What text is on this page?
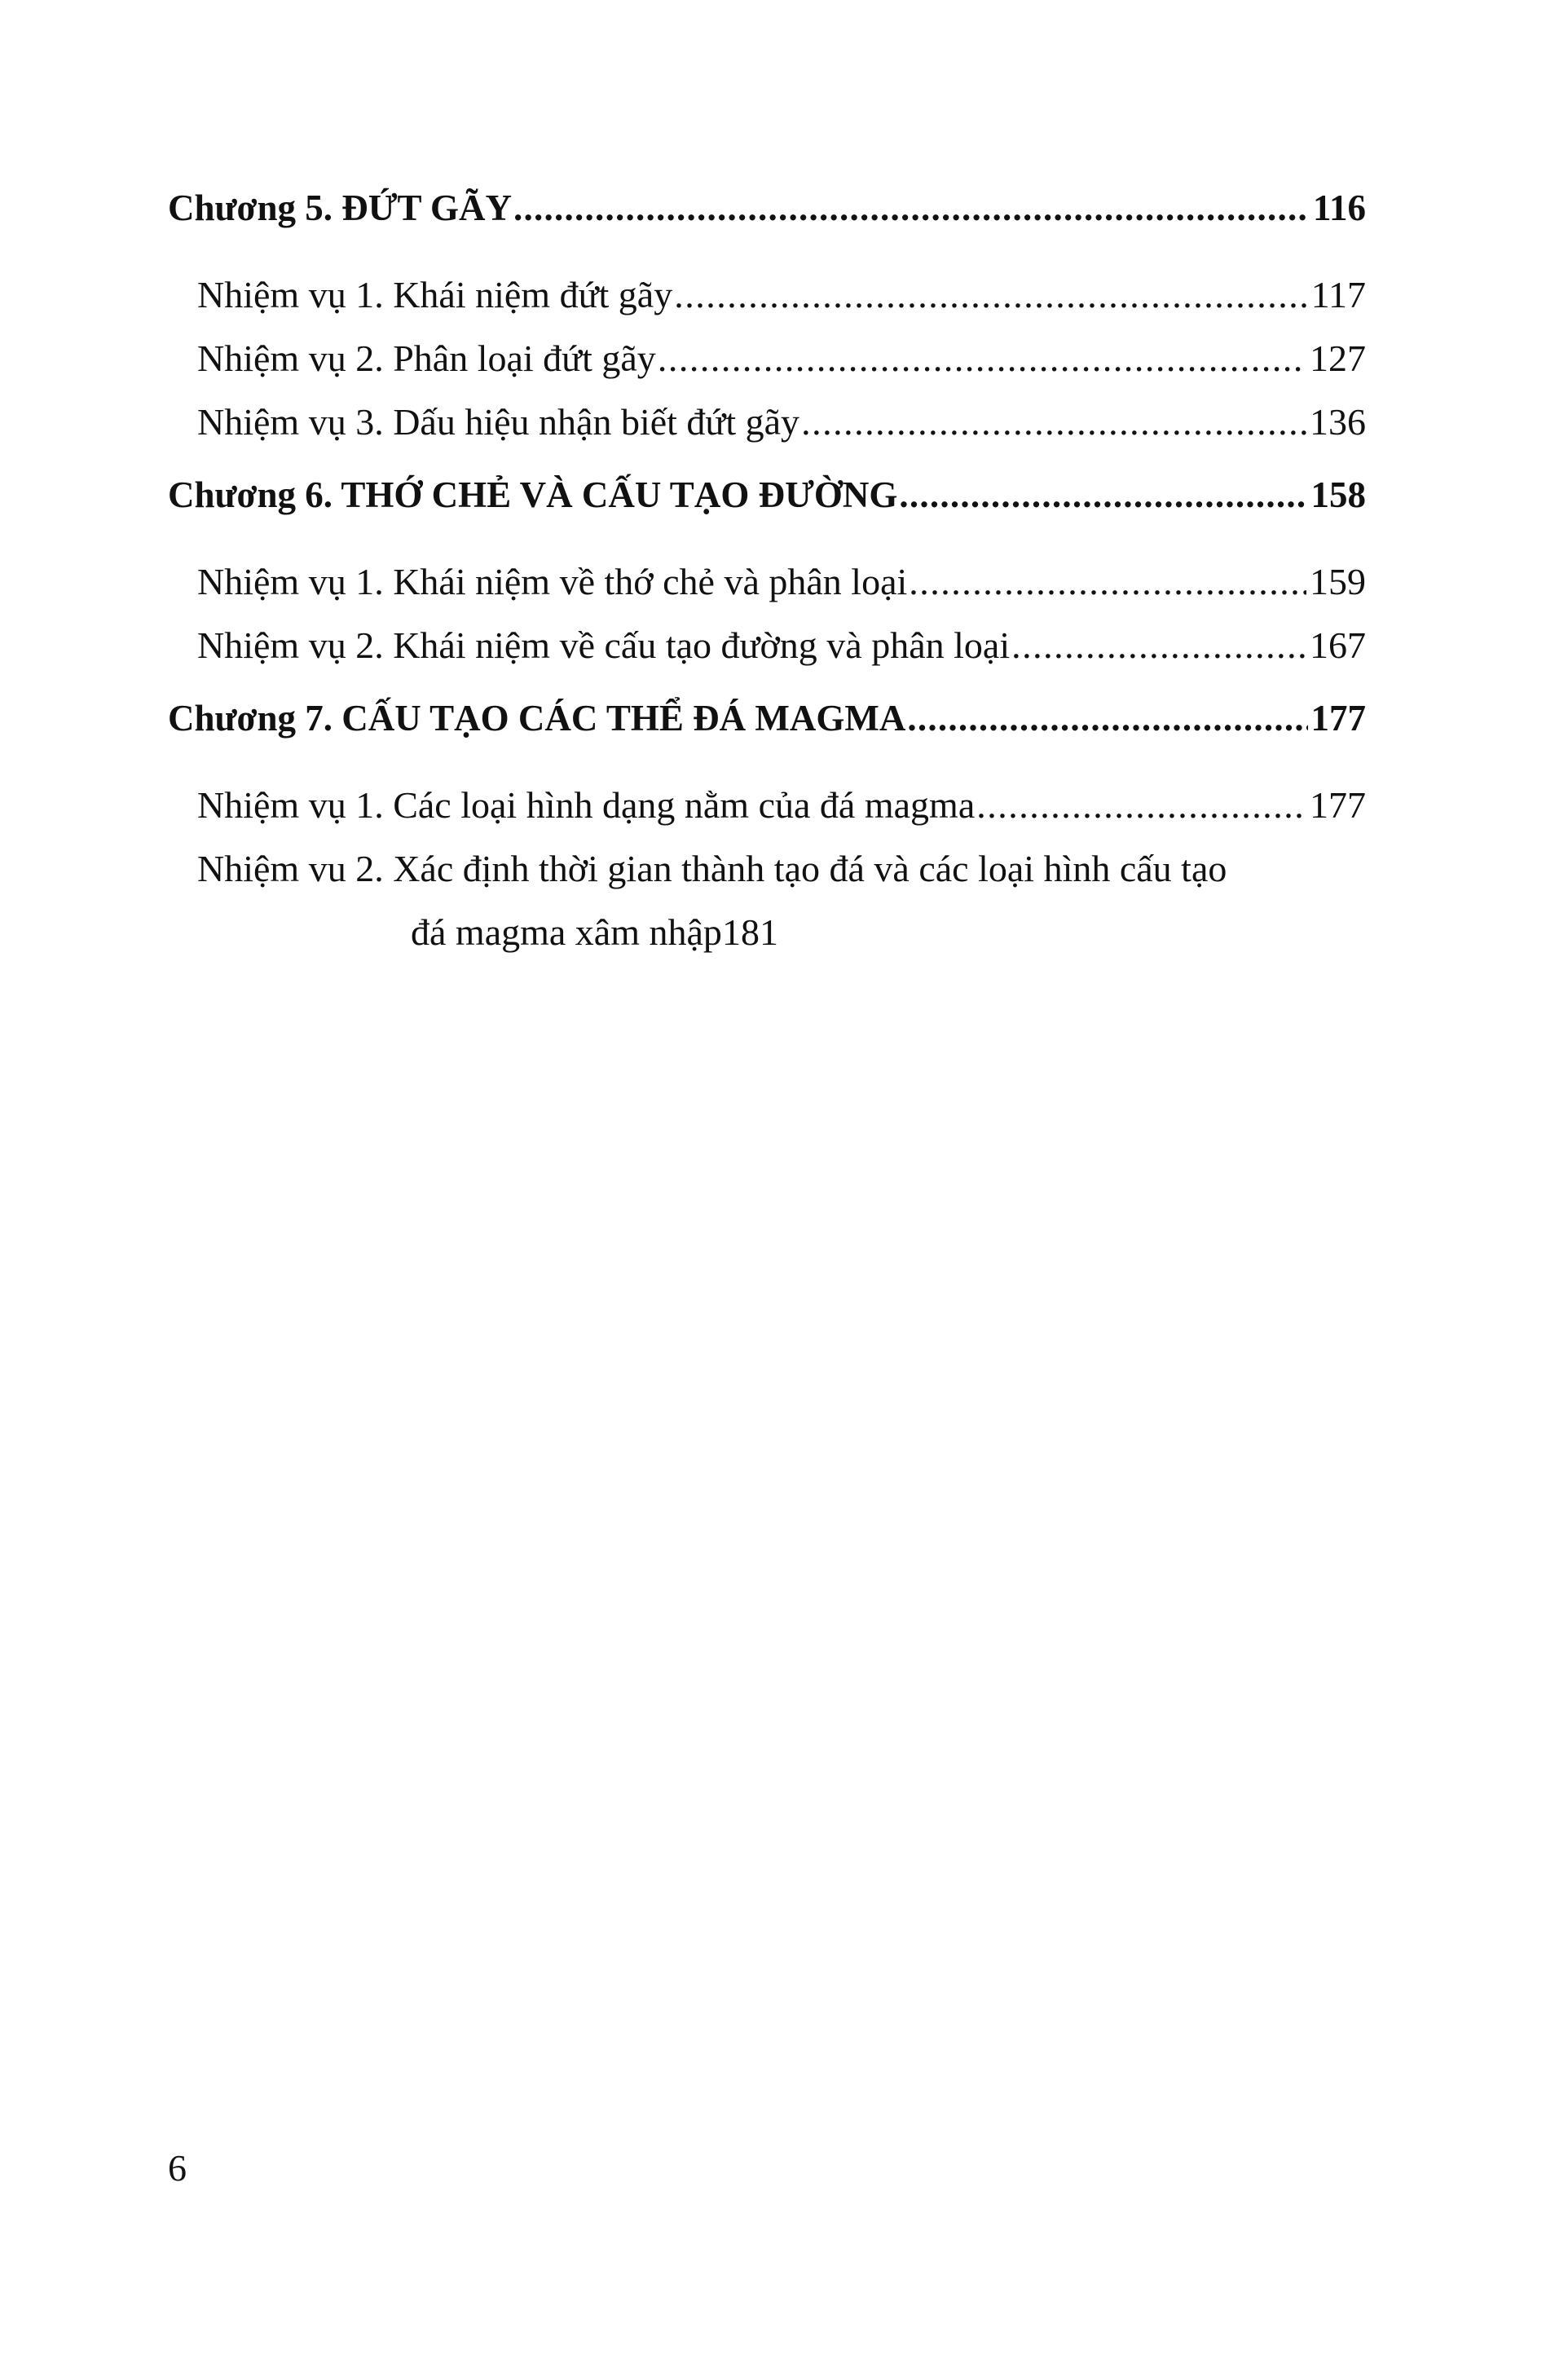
Chương 5. ĐỨT GÃY . . .	116
Nhiệm vụ 1. Khái niệm đứt gãy . . .	117
Nhiệm vụ 2. Phân loại đứt gãy . . .	127
Nhiệm vụ 3. Dấu hiệu nhận biết đứt gãy . . .	136
Chương 6. THỚ CHẺ VÀ CẤU TẠO ĐƯỜNG . . .	158
Nhiệm vụ 1. Khái niệm về thớ chẻ và phân loại . . .	159
Nhiệm vụ 2. Khái niệm về cấu tạo đường và phân loại . . .	167
Chương 7. CẤU TẠO CÁC THỂ ĐÁ MAGMA . . .	177
Nhiệm vụ 1. Các loại hình dạng nằm của đá magma . . .	177
Nhiệm vu 2. Xác định thời gian thành tạo đá và các loại hình cấu tạo
đá magma xâm nhập 181
6
